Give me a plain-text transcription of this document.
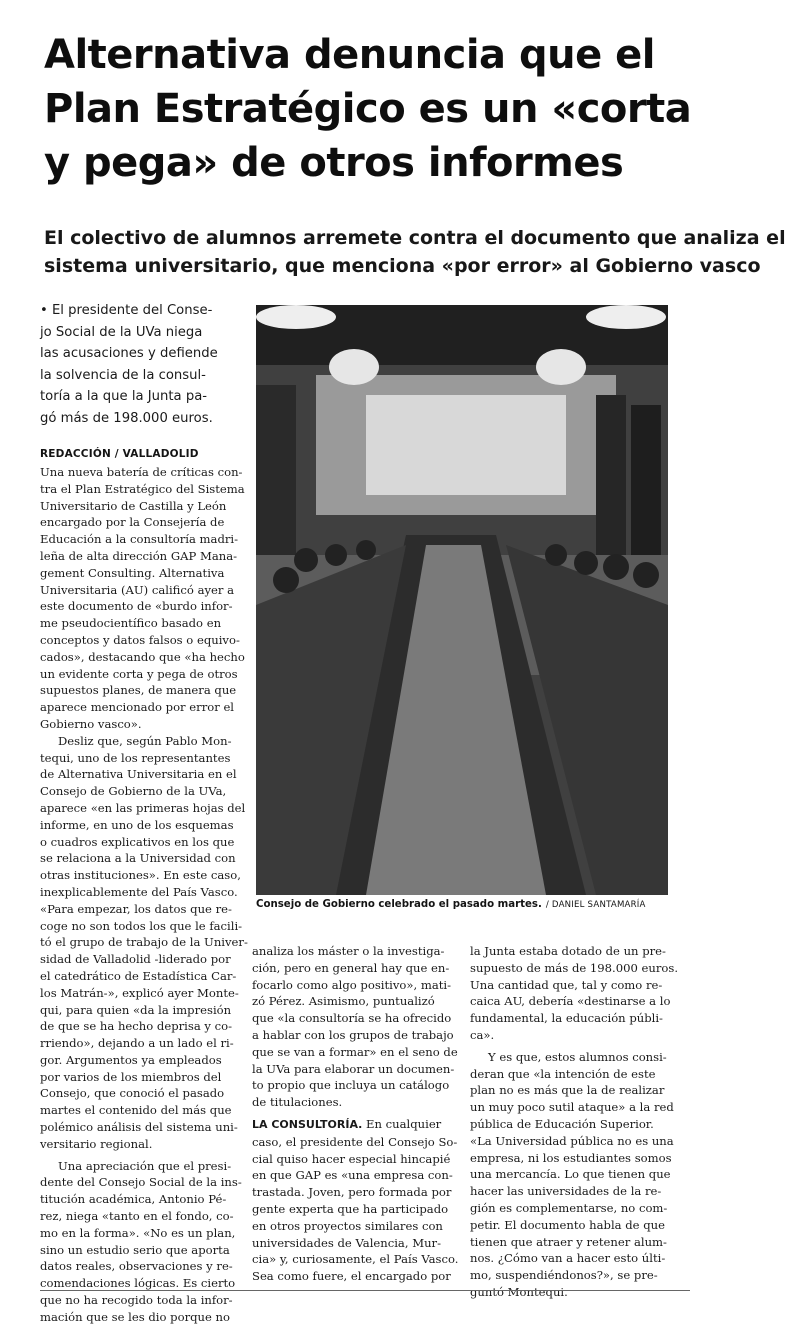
Alternativa denuncia que el
Plan Estratégico es un «corta
y pega» de otros informes
El colectivo de alumnos arremete contra el documento que analiza el
sistema universitario, que menciona «por error» al Gobierno vasco
• El presidente del Conse-
jo Social de la UVa niega
las acusaciones y defiende
la solvencia de la consul-
toría a la que la Junta pa-
gó más de 198.000 euros.
REDACCIÓN / VALLADOLID

Una nueva batería de críticas con-
tra el Plan Estratégico del Sistema
Universitario de Castilla y León
encargado por la Consejería de
Educación a la consultoría madri-
leña de alta dirección GAP Mana-
gement Consulting. Alternativa
Universitaria (AU) calificó ayer a
este documento de «burdo infor-
me pseudocientífico basado en
conceptos y datos falsos o equivo-
cados», destacando que «ha hecho
un evidente corta y pega de otros
supuestos planes, de manera que
aparece mencionado por error el
Gobierno vasco».

Desliz que, según Pablo Mon-
tequi, uno de los representantes
de Alternativa Universitaria en el
Consejo de Gobierno de la UVa,
aparece «en las primeras hojas del
informe, en uno de los esquemas
o cuadros explicativos en los que
se relaciona a la Universidad con
otras instituciones». En este caso,
inexplicablemente del País Vasco.
«Para empezar, los datos que re-
coge no son todos los que le facili-
tó el grupo de trabajo de la Univer-
sidad de Valladolid -liderado por
el catedrático de Estadística Car-
los Matrán-», explicó ayer Monte-
qui, para quien «da la impresión
de que se ha hecho deprisa y co-
rriendo», dejando a un lado el ri-
gor. Argumentos ya empleados
por varios de los miembros del
Consejo, que conoció el pasado
martes el contenido del más que
polémico análisis del sistema uni-
versitario regional.

Una apreciación que el presi-
dente del Consejo Social de la ins-
titución académica, Antonio Pé-
rez, niega «tanto en el fondo, co-
mo en la forma». «No es un plan,
sino un estudio serio que aporta
datos reales, observaciones y re-
comendaciones lógicas. Es cierto
que no ha recogido toda la infor-
mación que se les dio porque no

Consejo de Gobierno celebrado el pasado martes. / DANIEL SANTAMARÍA

analiza los máster o la investiga-
ción, pero en general hay que en-
focarlo como algo positivo», mati-
zó Pérez. Asimismo, puntualizó
que «la consultoría se ha ofrecido
a hablar con los grupos de trabajo
que se van a formar» en el seno de
la UVa para elaborar un documen-
to propio que incluya un catálogo
de titulaciones.

LA CONSULTORÍA. En cualquier
caso, el presidente del Consejo So-
cial quiso hacer especial hincapié
en que GAP es «una empresa con-
trastada. Joven, pero formada por
gente experta que ha participado
en otros proyectos similares con
universidades de Valencia, Mur-
cia» y, curiosamente, el País Vasco.
Sea como fuere, el encargado por

la Junta estaba dotado de un pre-
supuesto de más de 198.000 euros.
Una cantidad que, tal y como re-
caica AU, debería «destinarse a lo
fundamental, la educación públi-
ca».

Y es que, estos alumnos consi-
deran que «la intención de este
plan no es más que la de realizar
un muy poco sutil ataque» a la red
pública de Educación Superior.
«La Universidad pública no es una
empresa, ni los estudiantes somos
una mercancía. Lo que tienen que
hacer las universidades de la re-
gión es complementarse, no com-
petir. El documento habla de que
tienen que atraer y retener alum-
nos. ¿Cómo van a hacer esto últi-
mo, suspendiéndonos?», se pre-
guntó Montequi.
